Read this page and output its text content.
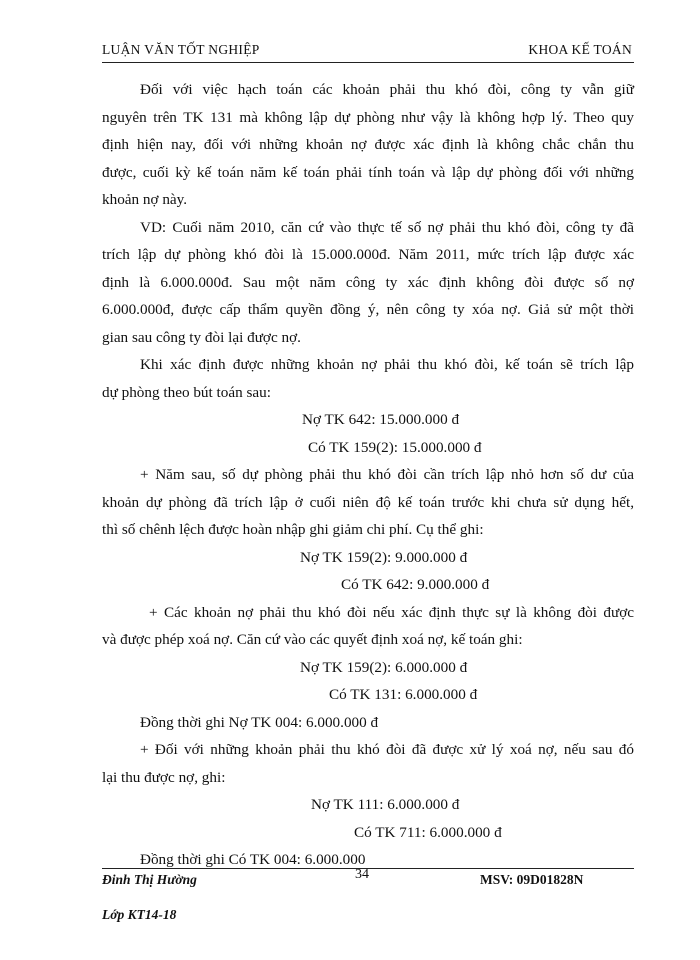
LUẬN VĂN TỐT NGHIỆP	KHOA KẾ TOÁN
Đối với việc hạch toán các khoản phải thu khó đòi, công ty vẫn giữ
nguyên trên TK 131 mà không lập dự phòng như vậy là không hợp lý. Theo quy
định hiện nay, đối với những khoản nợ được xác định là không chắc chắn thu
được, cuối kỳ kế toán năm kế toán phải tính toán và lập dự phòng đối với những
khoản nợ này.
VD: Cuối năm 2010, căn cứ vào thực tế số nợ phải thu khó đòi, công ty đã
trích lập dự phòng khó đòi là 15.000.000đ. Năm 2011, mức trích lập được xác
định là 6.000.000đ. Sau một năm công ty xác định không đòi được số nợ
6.000.000đ, được cấp thẩm quyền đồng ý, nên công ty xóa nợ. Giả sử một thời
gian sau công ty đòi lại được nợ.
Khi xác định được những khoản nợ phải thu khó đòi, kế toán sẽ trích lập
dự phòng theo bút toán sau:
Nợ TK 642: 15.000.000 đ
Có TK 159(2): 15.000.000 đ
+ Năm sau, số dự phòng phải thu khó đòi cần trích lập nhỏ hơn số dư của
khoản dự phòng đã trích lập ở cuối niên độ kế toán trước khi chưa sử dụng hết,
thì số chênh lệch được hoàn nhập ghi giảm chi phí. Cụ thể ghi:
Nợ TK 159(2): 9.000.000 đ
Có TK 642: 9.000.000 đ
+ Các khoản nợ phải thu khó đòi nếu xác định thực sự là không đòi được
và được phép xoá nợ. Căn cứ vào các quyết định xoá nợ, kế toán ghi:
Nợ TK 159(2): 6.000.000 đ
Có TK 131: 6.000.000 đ
Đồng thời ghi Nợ TK 004: 6.000.000 đ
+ Đối với những khoản phải thu khó đòi đã được xử lý xoá nợ, nếu sau đó
lại thu được nợ, ghi:
Nợ TK 111: 6.000.000 đ
Có TK 711: 6.000.000 đ
Đồng thời ghi Có TK 004: 6.000.000
Đinh Thị Hường	34	MSV: 09D01828N
Lớp KT14-18
